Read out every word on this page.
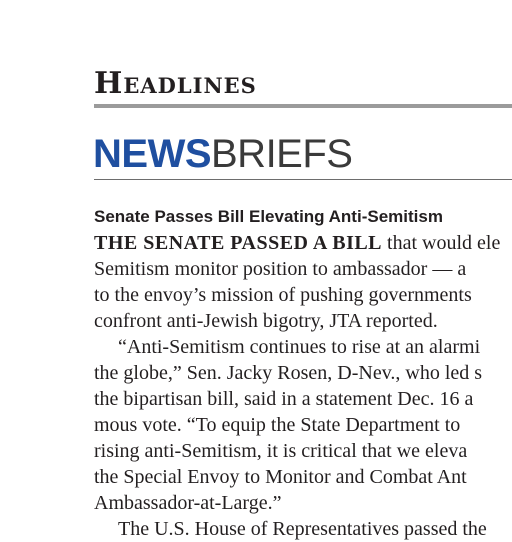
Headlines
NEWSBRIEFS
Senate Passes Bill Elevating Anti-Semitism
THE SENATE PASSED A BILL that would ele
Semitism monitor position to ambassador — a
to the envoy’s mission of pushing governments
confront anti-Jewish bigotry, JTA reported.
“Anti-Semitism continues to rise at an alarmi
the globe,” Sen. Jacky Rosen, D-Nev., who led s
the bipartisan bill, said in a statement Dec. 16 a
mous vote. “To equip the State Department to
rising anti-Semitism, it is critical that we eleva
the Special Envoy to Monitor and Combat Ant
Ambassador-at-Large.”
The U.S. House of Representatives passed the
